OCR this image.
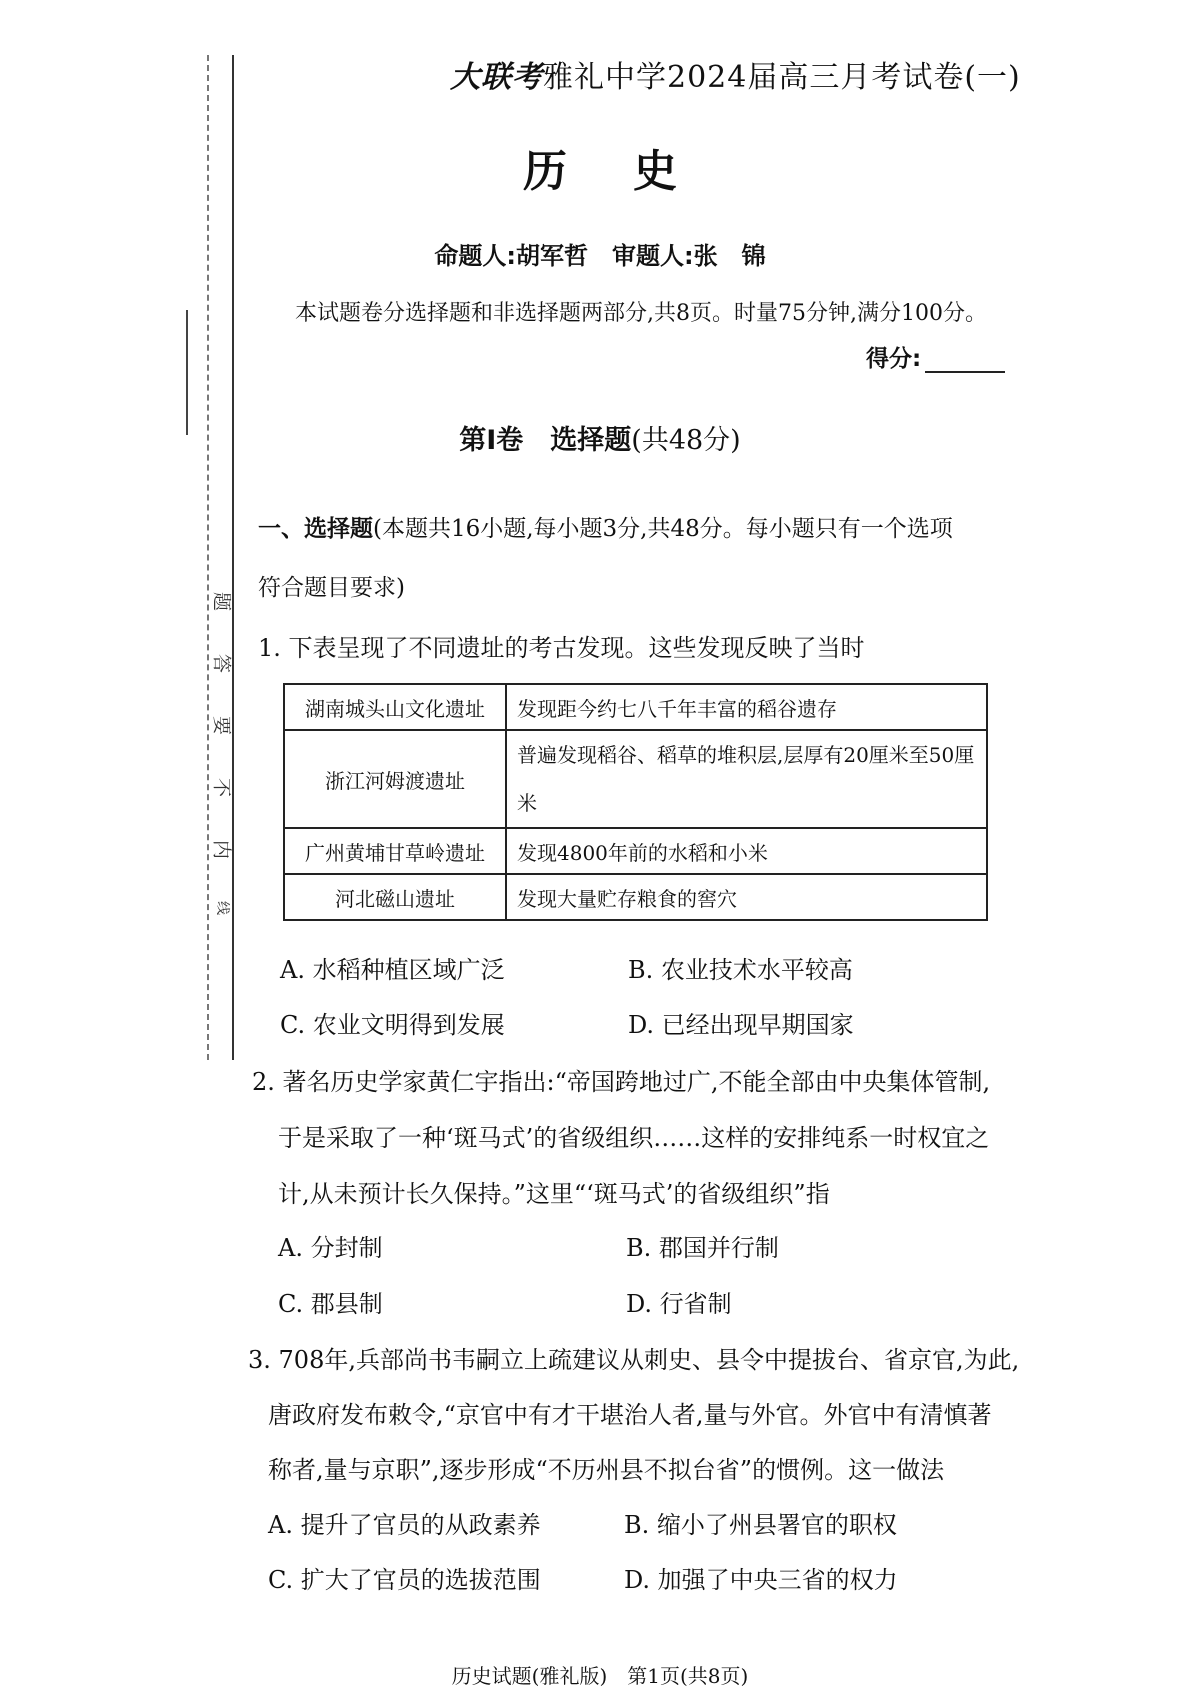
题
答
要
不
内
线
大联考雅礼中学2024届高三月考试卷(一)
历史
命题人:胡军哲　审题人:张　锦
本试题卷分选择题和非选择题两部分,共8页。时量75分钟,满分100分。
得分:
第Ⅰ卷　选择题(共48分)
一、选择题(本题共16小题,每小题3分,共48分。每小题只有一个选项
符合题目要求)
1. 下表呈现了不同遗址的考古发现。这些发现反映了当时
湖南城头山文化遗址	发现距今约七八千年丰富的稻谷遗存
浙江河姆渡遗址	普遍发现稻谷、稻草的堆积层,层厚有20厘米至50厘米
广州黄埔甘草岭遗址	发现4800年前的水稻和小米
河北磁山遗址	发现大量贮存粮食的窖穴
A. 水稻种植区域广泛	B. 农业技术水平较高
C. 农业文明得到发展	D. 已经出现早期国家
2. 著名历史学家黄仁宇指出:“帝国跨地过广,不能全部由中央集体管制,
于是采取了一种‘斑马式’的省级组织……这样的安排纯系一时权宜之
计,从未预计长久保持。”这里“‘斑马式’的省级组织”指
A. 分封制	B. 郡国并行制
C. 郡县制	D. 行省制
3. 708年,兵部尚书韦嗣立上疏建议从刺史、县令中提拔台、省京官,为此,
唐政府发布敕令,“京官中有才干堪治人者,量与外官。外官中有清慎著
称者,量与京职”,逐步形成“不历州县不拟台省”的惯例。这一做法
A. 提升了官员的从政素养	B. 缩小了州县署官的职权
C. 扩大了官员的选拔范围	D. 加强了中央三省的权力
历史试题(雅礼版)　第1页(共8页)
